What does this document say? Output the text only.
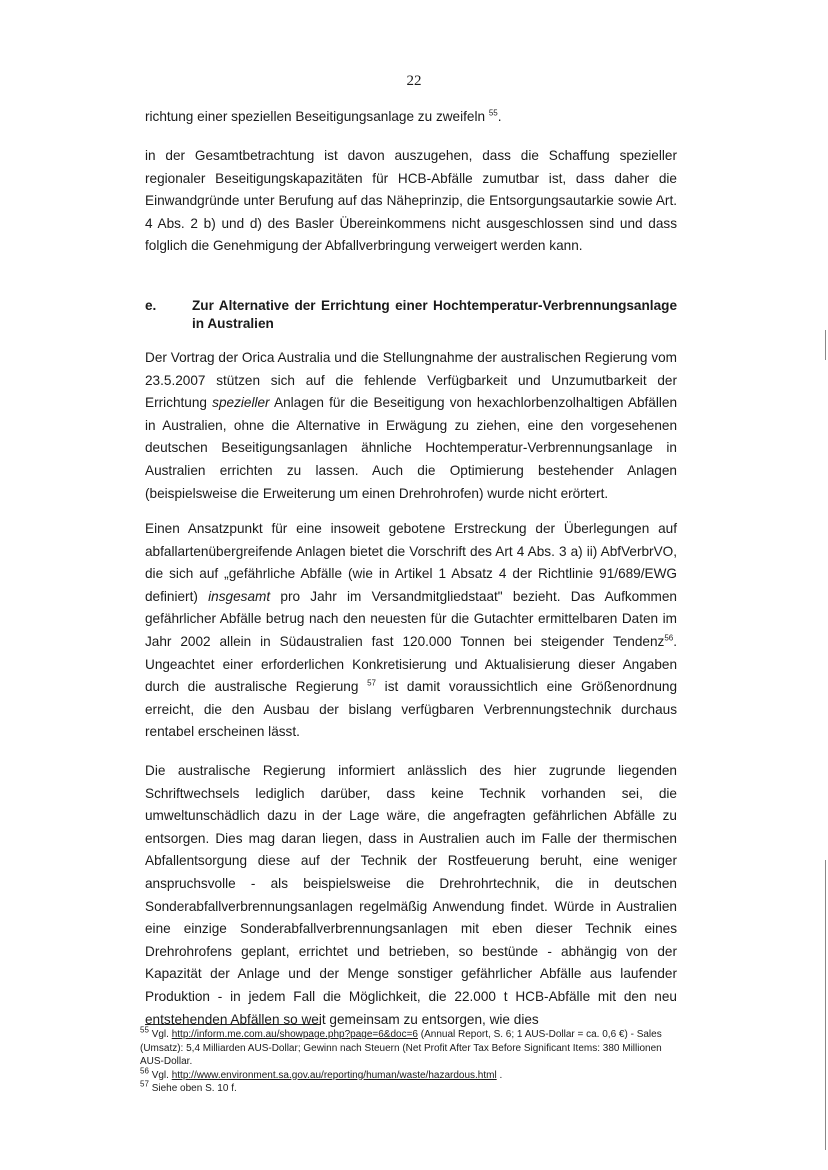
22

richtung einer speziellen Beseitigungsanlage zu zweifeln $^{55}$.

in der Gesamtbetrachtung ist davon auszugehen, dass die Schaffung spezieller regionaler Beseitigungskapazitäten für HCB-Abfälle zumutbar ist, dass daher die Einwandgründe unter Berufung auf das Näheprinzip, die Entsorgungsautarkie sowie Art. 4 Abs. 2 b) und d) des Basler Übereinkommens nicht ausgeschlossen sind und dass folglich die Genehmigung der Abfallverbringung verweigert werden kann.

e.	Zur Alternative der Errichtung einer Hochtemperatur-Verbrennungsanlage in Australien

Der Vortrag der Orica Australia und die Stellungnahme der australischen Regierung vom 23.5.2007 stützen sich auf die fehlende Verfügbarkeit und Unzumutbarkeit der Errichtung spezieller Anlagen für die Beseitigung von hexachlorbenzolhaltigen Abfällen in Australien, ohne die Alternative in Erwägung zu ziehen, eine den vorgesehenen deutschen Beseitigungsanlagen ähnliche Hochtemperatur-Verbrennungsanlage in Australien errichten zu lassen. Auch die Optimierung bestehender Anlagen (beispielsweise die Erweiterung um einen Drehrohrofen) wurde nicht erörtert.

Einen Ansatzpunkt für eine insoweit gebotene Erstreckung der Überlegungen auf abfallartenübergreifende Anlagen bietet die Vorschrift des Art 4 Abs. 3 a) ii) AbfVerbrVO, die sich auf „gefährliche Abfälle (wie in Artikel 1 Absatz 4 der Richtlinie 91/689/EWG definiert) insgesamt pro Jahr im Versandmitgliedstaat" bezieht. Das Aufkommen gefährlicher Abfälle betrug nach den neuesten für die Gutachter ermittelbaren Daten im Jahr 2002 allein in Südaustralien fast 120.000 Tonnen bei steigender Tendenz$^{56}$. Ungeachtet einer erforderlichen Konkretisierung und Aktualisierung dieser Angaben durch die australische Regierung $^{57}$ ist damit voraussichtlich eine Größenordnung erreicht, die den Ausbau der bislang verfügbaren Verbrennungstechnik durchaus rentabel erscheinen lässt.

Die australische Regierung informiert anlässlich des hier zugrunde liegenden Schriftwechsels lediglich darüber, dass keine Technik vorhanden sei, die umweltunschädlich dazu in der Lage wäre, die angefragten gefährlichen Abfälle zu entsorgen. Dies mag daran liegen, dass in Australien auch im Falle der thermischen Abfallentsorgung diese auf der Technik der Rostfeuerung beruht, eine weniger anspruchsvolle - als beispielsweise die Drehrohrtechnik, die in deutschen Sonderabfallverbrennungsanlagen regelmäßig Anwendung findet. Würde in Australien eine einzige Sonderabfallverbrennungsanlagen mit eben dieser Technik eines Drehrohrofens geplant, errichtet und betrieben, so bestünde - abhängig von der Kapazität der Anlage und der Menge sonstiger gefährlicher Abfälle aus laufender Produktion - in jedem Fall die Möglichkeit, die 22.000 t HCB-Abfälle mit den neu entstehenden Abfällen so weit gemeinsam zu entsorgen, wie dies

$^{55}$ Vgl. http://inform.me.com.au/showpage.php?page=6&doc=6 (Annual Report, S. 6; 1 AUS-Dollar = ca. 0,6 €) - Sales (Umsatz): 5,4 Milliarden AUS-Dollar; Gewinn nach Steuern (Net Profit After Tax Before Significant Items: 380 Millionen AUS-Dollar.

$^{56}$ Vgl. http://www.environment.sa.gov.au/reporting/human/waste/hazardous.html .

$^{57}$ Siehe oben S. 10 f.
